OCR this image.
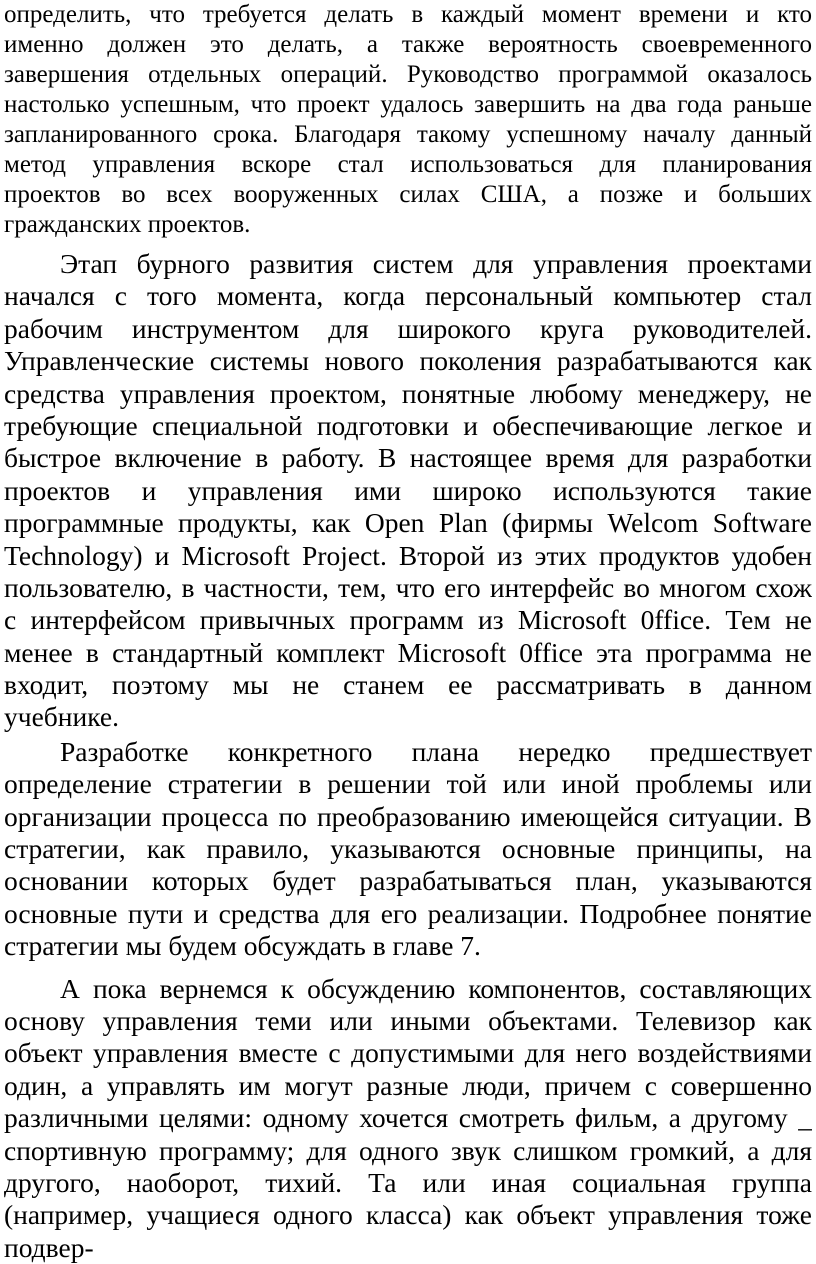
определить, что требуется делать в каждый момент времени и кто
именно должен это делать, а также вероятность своевременного
завершения отдельных операций. Руководство программой оказалось
настолько успешным, что проект удалось завершить на два года раньше
запланированного срока. Благодаря такому успешному началу данный
метод управления вскоре стал использоваться для планирования
проектов во всех вооруженных силах США, а позже и больших
гражданских проектов.
Этап бурного развития систем для управления проектами
начался с того момента, когда персональный компьютер стал
рабочим инструментом для широкого круга руководителей.
Управленческие системы нового поколения разрабатываются как
средства управления проектом, понятные любому менеджеру, не
требующие специальной подготовки и обеспечивающие легкое и
быстрое включение в работу. В настоящее время для разработки
проектов и управления ими широко используются такие
программные продукты, как Open Plan (фирмы Welcom Software
Technology) и Microsoft Project. Второй из этих продуктов удобен
пользователю, в частности, тем, что его интерфейс во многом схож
с интерфейсом привычных программ из Microsoft 0ffice. Тем не
менее в стандартный комплект Microsoft 0ffice эта программа не
входит, поэтому мы не станем ее рассматривать в данном
учебнике.
Разработке конкретного плана нередко предшествует
определение стратегии в решении той или иной проблемы или
организации процесса по преобразованию имеющейся ситуации. В
стратегии, как правило, указываются основные принципы, на
основании которых будет разрабатываться план, указываются
основные пути и средства для его реализации. Подробнее понятие
стратегии мы будем обсуждать в главе 7.
А пока вернемся к обсуждению компонентов, составляющих
основу управления теми или иными объектами. Телевизор как
объект управления вместе с допустимыми для него воздействиями
один, а управлять им могут разные люди, причем с совершенно
различными целями: одному хочется смотреть фильм, а другому _
спортивную программу; для одного звук слишком громкий, а для
другого, наоборот, тихий. Та или иная социальная группа
(например, учащиеся одного класса) как объект управления тоже
подвер-
